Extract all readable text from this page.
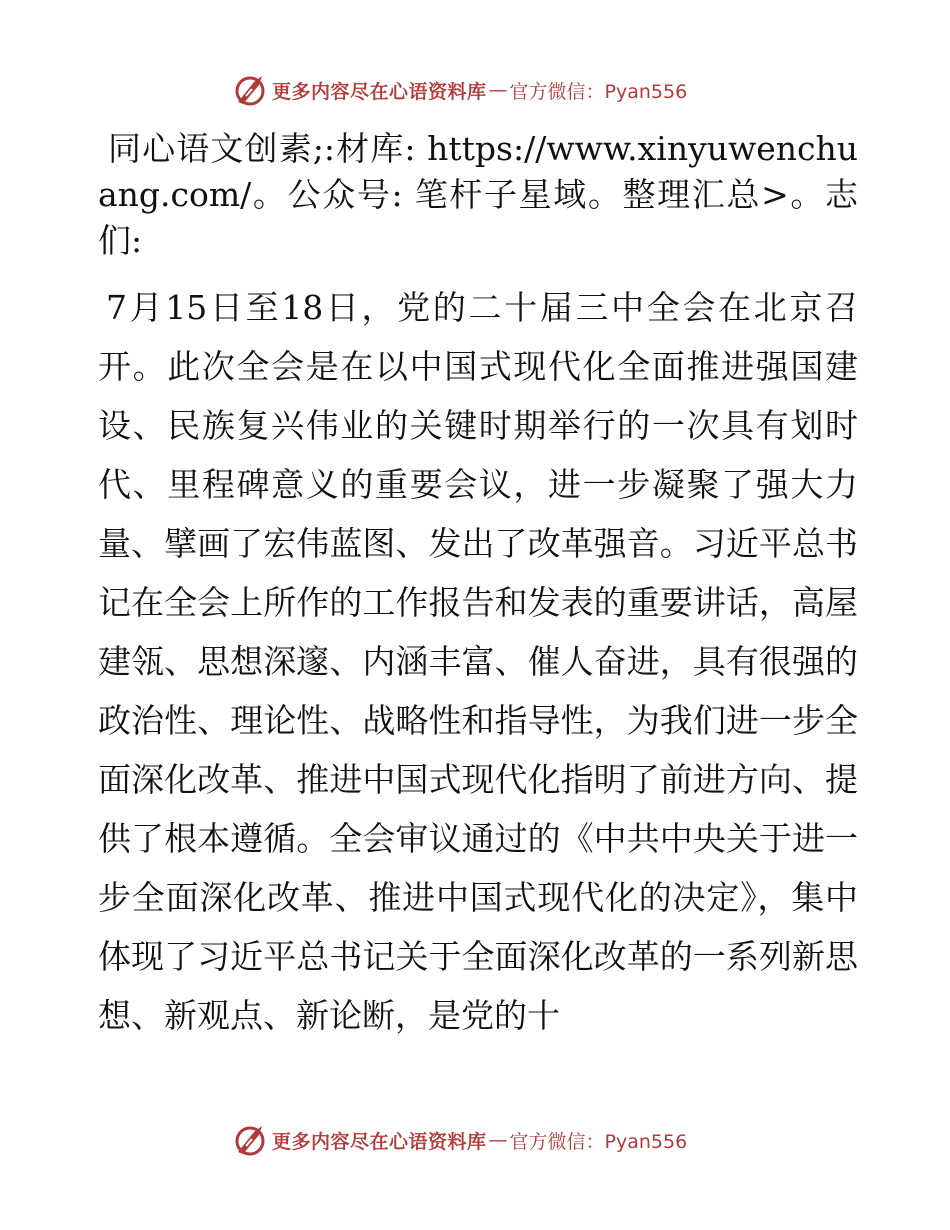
更多内容尽在心语资料库 — 官方微信：Pyan556

同心语文创素;:材库: https://www.xinyuwenchuang.com/。公众号: 笔杆子星域。整理汇总>。志们:

7月15日至18日，党的二十届三中全会在北京召开。此次全会是在以中国式现代化全面推进强国建设、民族复兴伟业的关键时期举行的一次具有划时代、里程碑意义的重要会议，进一步凝聚了强大力量、擘画了宏伟蓝图、发出了改革强音。习近平总书记在全会上所作的工作报告和发表的重要讲话，高屋建瓴、思想深邃、内涵丰富、催人奋进，具有很强的政治性、理论性、战略性和指导性，为我们进一步全面深化改革、推进中国式现代化指明了前进方向、提供了根本遵循。全会审议通过的《中共中央关于进一步全面深化改革、推进中国式现代化的决定》，集中体现了习近平总书记关于全面深化改革的一系列新思想、新观点、新论断，是党的十

更多内容尽在心语资料库 — 官方微信：Pyan556
